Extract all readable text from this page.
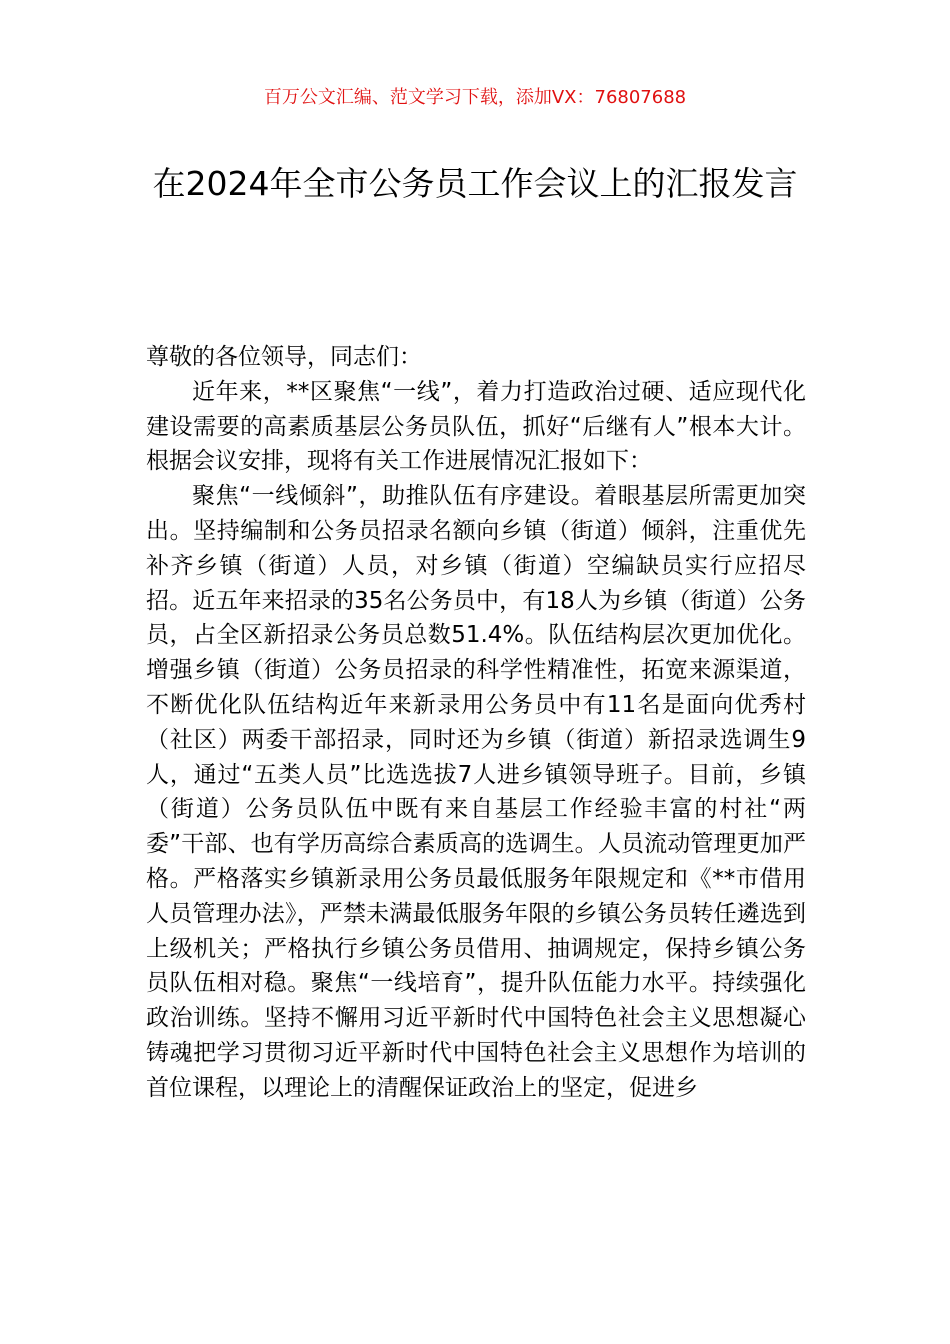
百万公文汇编、范文学习下载，添加VX：76807688
在2024年全市公务员工作会议上的汇报发言

尊敬的各位领导，同志们：

近年来，**区聚焦“一线”，着力打造政治过硬、适应现代化建设需要的高素质基层公务员队伍，抓好“后继有人”根本大计。根据会议安排，现将有关工作进展情况汇报如下：

聚焦“一线倾斜”，助推队伍有序建设。着眼基层所需更加突出。坚持编制和公务员招录名额向乡镇（街道）倾斜，注重优先补齐乡镇（街道）人员，对乡镇（街道）空编缺员实行应招尽招。近五年来招录的35名公务员中，有18人为乡镇（街道）公务员，占全区新招录公务员总数51.4%。队伍结构层次更加优化。增强乡镇（街道）公务员招录的科学性精准性，拓宽来源渠道，不断优化队伍结构近年来新录用公务员中有11名是面向优秀村（社区）两委干部招录，同时还为乡镇（街道）新招录选调生9人，通过“五类人员”比选选拔7人进乡镇领导班子。目前，乡镇（街道）公务员队伍中既有来自基层工作经验丰富的村社“两委”干部、也有学历高综合素质高的选调生。人员流动管理更加严格。严格落实乡镇新录用公务员最低服务年限规定和《**市借用人员管理办法》，严禁未满最低服务年限的乡镇公务员转任遴选到上级机关；严格执行乡镇公务员借用、抽调规定，保持乡镇公务员队伍相对稳。聚焦“一线培育”，提升队伍能力水平。持续强化政治训练。坚持不懈用习近平新时代中国特色社会主义思想凝心铸魂把学习贯彻习近平新时代中国特色社会主义思想作为培训的首位课程，以理论上的清醒保证政治上的坚定，促进乡
